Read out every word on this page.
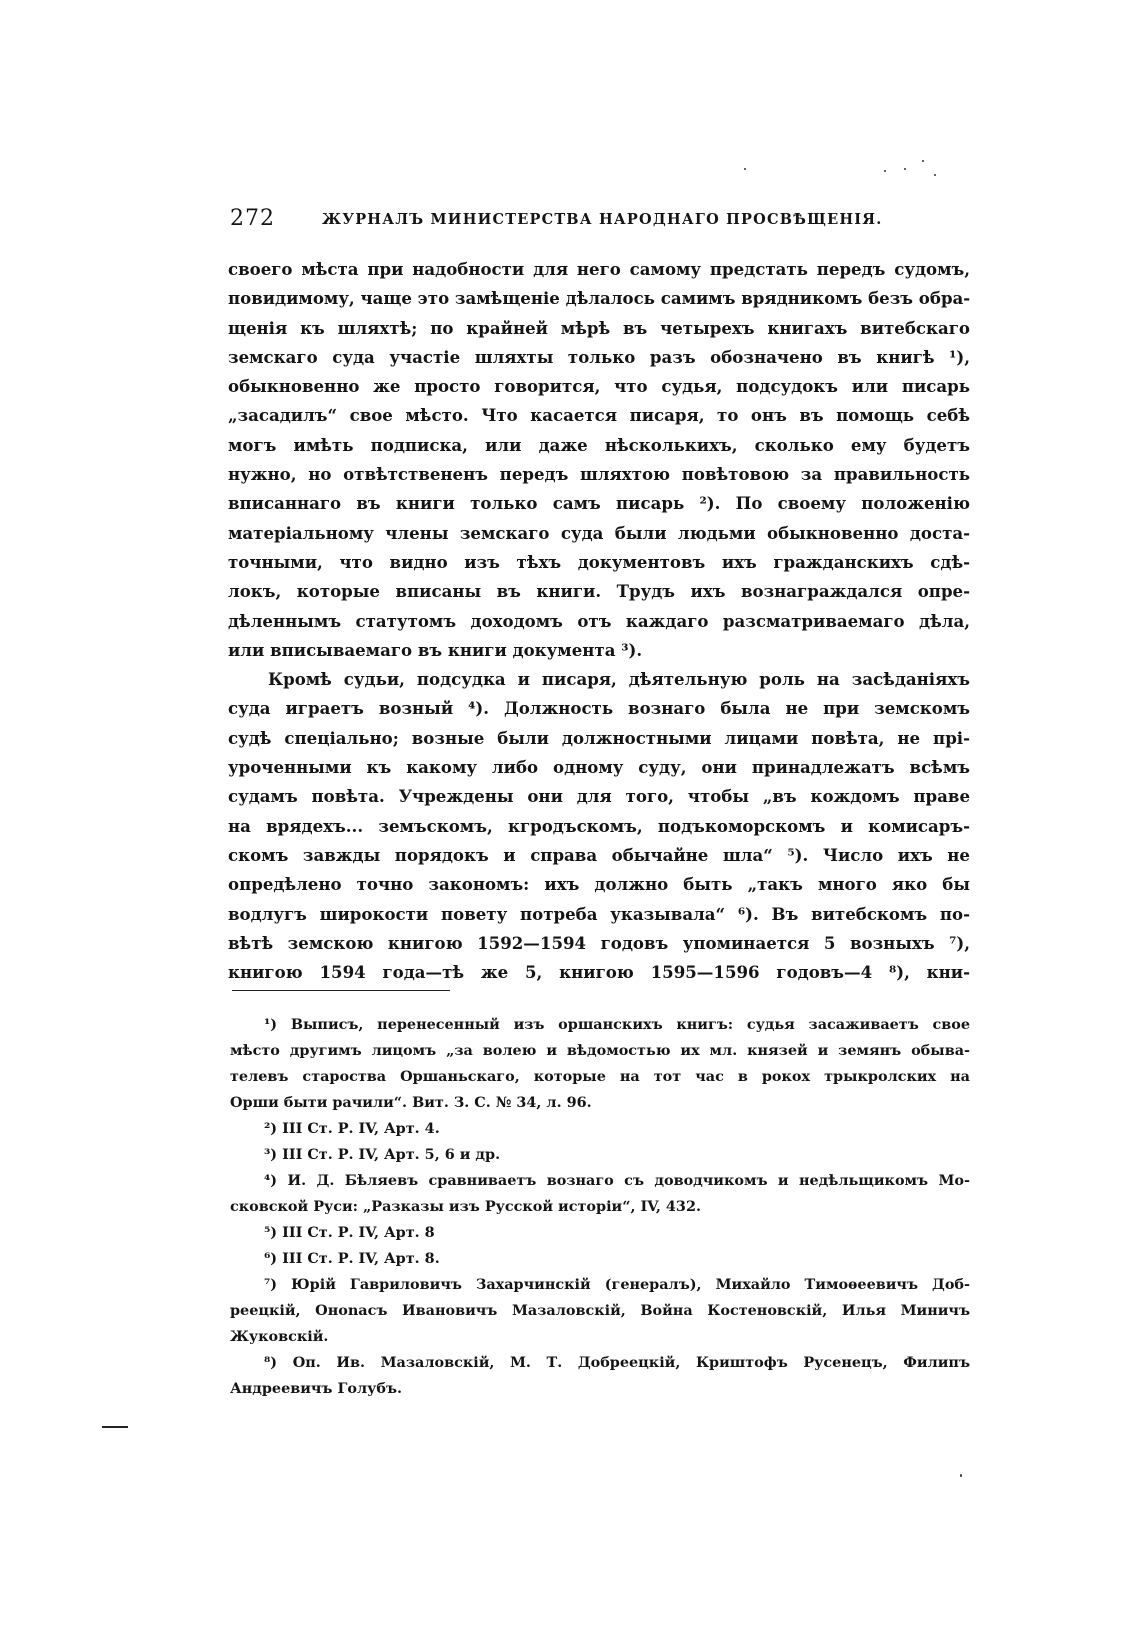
272	ЖУРНАЛЪ МИНИСТЕРСТВА НАРОДНАГО ПРОСВѢЩЕНІЯ.
своего мѣста при надобности для него самому предстать передъ судомъ,
повидимому, чаще это замѣщеніе дѣлалось самимъ врядникомъ безъ обра-
щенія къ шляхтѣ; по крайней мѣрѣ въ четырехъ книгахъ витебскаго
земскаго суда участіе шляхты только разъ обозначено въ книгѣ ¹),
обыкновенно же просто говорится, что судья, подсудокъ или писарь
„засадилъ“ свое мѣсто. Что касается писаря, то онъ въ помощь себѣ
могъ имѣть подписка, или даже нѣсколькихъ, сколько ему будетъ
нужно, но отвѣтствененъ передъ шляхтою повѣтовою за правильность
вписаннаго въ книги только самъ писарь ²). По своему положенію
матеріальному члены земскаго суда были людьми обыкновенно доста-
точными, что видно изъ тѣхъ документовъ ихъ гражданскихъ сдѣ-
локъ, которые вписаны въ книги. Трудъ ихъ вознаграждался опре-
дѣленнымъ статутомъ доходомъ отъ каждаго разсматриваемаго дѣла,
или вписываемаго въ книги документа ³).
Кромѣ судьи, подсудка и писаря, дѣятельную роль на засѣданіяхъ
суда играетъ возный ⁴). Должность вознаго была не при земскомъ
судѣ спеціально; возные были должностными лицами повѣта, не прі-
уроченными къ какому либо одному суду, они принадлежатъ всѣмъ
судамъ повѣта. Учреждены они для того, чтобы „въ кождомъ праве
на врядехъ... земъскомъ, кгродъскомъ, подъкоморскомъ и комисаръ-
скомъ завжды порядокъ и справа обычайне шла“ ⁵). Число ихъ не
опредѣлено точно закономъ: ихъ должно быть „такъ много яко бы
водлугъ широкости повету потреба указывала“ ⁶). Въ витебскомъ по-
вѣтѣ земскою книгою 1592—1594 годовъ упоминается 5 возныхъ ⁷),
книгою 1594 года—тѣ же 5, книгою 1595—1596 годовъ—4 ⁸), кни-
¹) Выписъ, перенесенный изъ оршанскихъ книгъ: судья засаживаетъ свое
мѣсто другимъ лицомъ „за волею и вѣдомостью их мл. князей и земянъ обыва-
телевъ староства Оршаньскаго, которые на тот час в рокох трыкролских на
Орши быти рачили“. Вит. З. С. № 34, л. 96.
²) III Ст. Р. IV, Арт. 4.
³) III Ст. Р. IV, Арт. 5, 6 и др.
⁴) И. Д. Бѣляевъ сравниваетъ вознаго съ доводчикомъ и недѣльщикомъ Мо-
сковской Руси: „Разказы изъ Русской исторіи“, IV, 432.
⁵) III Ст. Р. IV, Арт. 8
⁶) III Ст. Р. IV, Арт. 8.
⁷) Юрій Гавриловичъ Захарчинскій (генералъ), Михайло Тимоѳеевичъ Доб-
реецкій, Оноnасъ Ивановичъ Мазаловскій, Война Костеновскій, Илья Миничъ
Жуковскій.
⁸) Оп. Ив. Мазаловскій, М. Т. Добреецкій, Криштофъ Русенецъ, Филипъ
Андреевичъ Голубъ.
